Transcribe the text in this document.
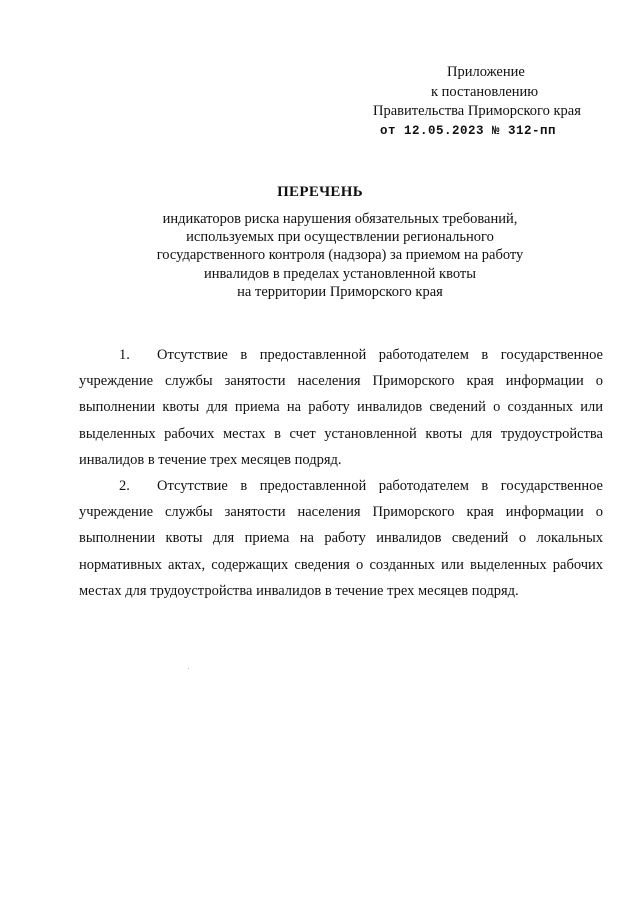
Приложение
к постановлению
Правительства Приморского края
от 12.05.2023 № 312-пп
ПЕРЕЧЕНЬ
индикаторов риска нарушения обязательных требований,
используемых при осуществлении регионального
государственного контроля (надзора) за приемом на работу
инвалидов в пределах установленной квоты
на территории Приморского края

1. Отсутствие в предоставленной работодателем в государственное учреждение службы занятости населения Приморского края информации о выполнении квоты для приема на работу инвалидов сведений о созданных или выделенных рабочих местах в счет установленной квоты для трудоустройства инвалидов в течение трех месяцев подряд.

2. Отсутствие в предоставленной работодателем в государственное учреждение службы занятости населения Приморского края информации о выполнении квоты для приема на работу инвалидов сведений о локальных нормативных актах, содержащих сведения о созданных или выделенных рабочих местах для трудоустройства инвалидов в течение трех месяцев подряд.
